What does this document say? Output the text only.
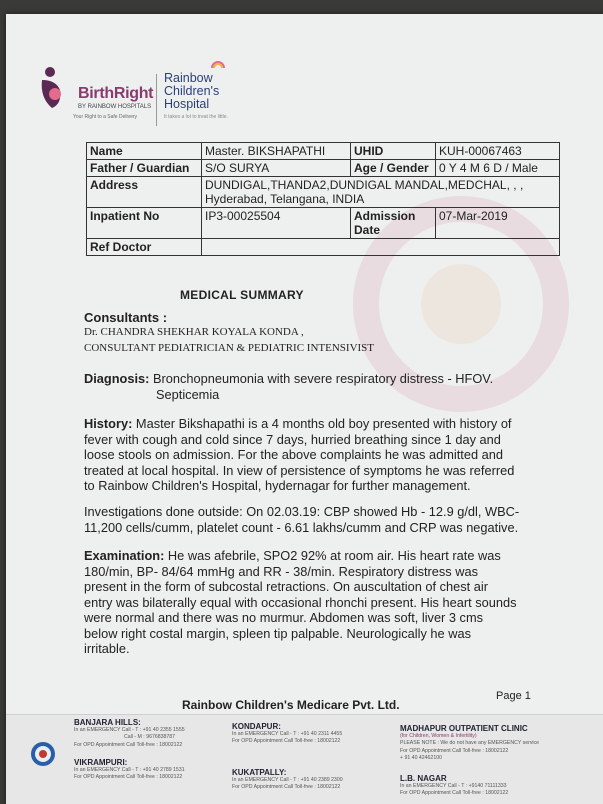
BirthRight
BY RAINBOW HOSPITALS
Your Right to a Safe Delivery
Rainbow
Children's
Hospital
It takes a lot to treat the little.
Name	Master. BIKSHAPATHI	UHID	KUH-00067463
Father / Guardian	S/O SURYA	Age / Gender	0 Y 4 M 6 D / Male
Address	DUNDIGAL,THANDA2,DUNDIGAL MANDAL,MEDCHAL, , , Hyderabad, Telangana, INDIA		
Inpatient No	IP3-00025504	Admission Date	07-Mar-2019
Ref Doctor			
MEDICAL SUMMARY
Consultants :
Dr. CHANDRA SHEKHAR KOYALA KONDA ,
CONSULTANT PEDIATRICIAN & PEDIATRIC INTENSIVIST
Diagnosis: Bronchopneumonia with severe respiratory distress - HFOV.
Septicemia
History: Master Bikshapathi is a 4 months old boy presented with history of
fever with cough and cold since 7 days, hurried breathing since 1 day and
loose stools on admission. For the above complaints he was admitted and
treated at local hospital. In view of persistence of symptoms he was referred
to Rainbow Children's Hospital, hydernagar for further management.
Investigations done outside: On 02.03.19: CBP showed Hb - 12.9 g/dl, WBC-
11,200 cells/cumm, platelet count - 6.61 lakhs/cumm and CRP was negative.
Examination: He was afebrile, SPO2 92% at room air. His heart rate was
180/min, BP- 84/64 mmHg and RR - 38/min. Respiratory distress was
present in the form of subcostal retractions. On auscultation of chest air
entry was bilaterally equal with occasional rhonchi present. His heart sounds
were normal and there was no murmur. Abdomen was soft, liver 3 cms
below right costal margin, spleen tip palpable. Neurologically he was
irritable.
Page 1
Rainbow Children's Medicare Pvt. Ltd.
BANJARA HILLS:
In an EMERGENCY Call - T : +91 40 2355 1555
Call - M : 9676838787
For OPD Appointment Call Toll-free : 18002122
KONDAPUR:
In an EMERGENCY Call - T : +91 40 2311 4455
For OPD Appointment Call Toll-free : 18002122
MADHAPUR OUTPATIENT CLINIC
(for Children, Women & Infertility)
PLEASE NOTE : We do not have any EMERGENCY service
For OPD Appointment Call Toll-free : 18002122
+ 91 40 42462100
VIKRAMPURI:
In an EMERGENCY Call - T : +91 40 2789 1531
For OPD Appointment Call Toll-free : 18002122	KUKATPALLY:
In an EMERGENCY Call - T : +91 40 2389 2300
For OPD Appointment Call Toll-free : 18002122
L.B. NAGAR
In an EMERGENCY Call - T : +9140 71111333
For OPD Appointment Call Toll-free : 18002122
